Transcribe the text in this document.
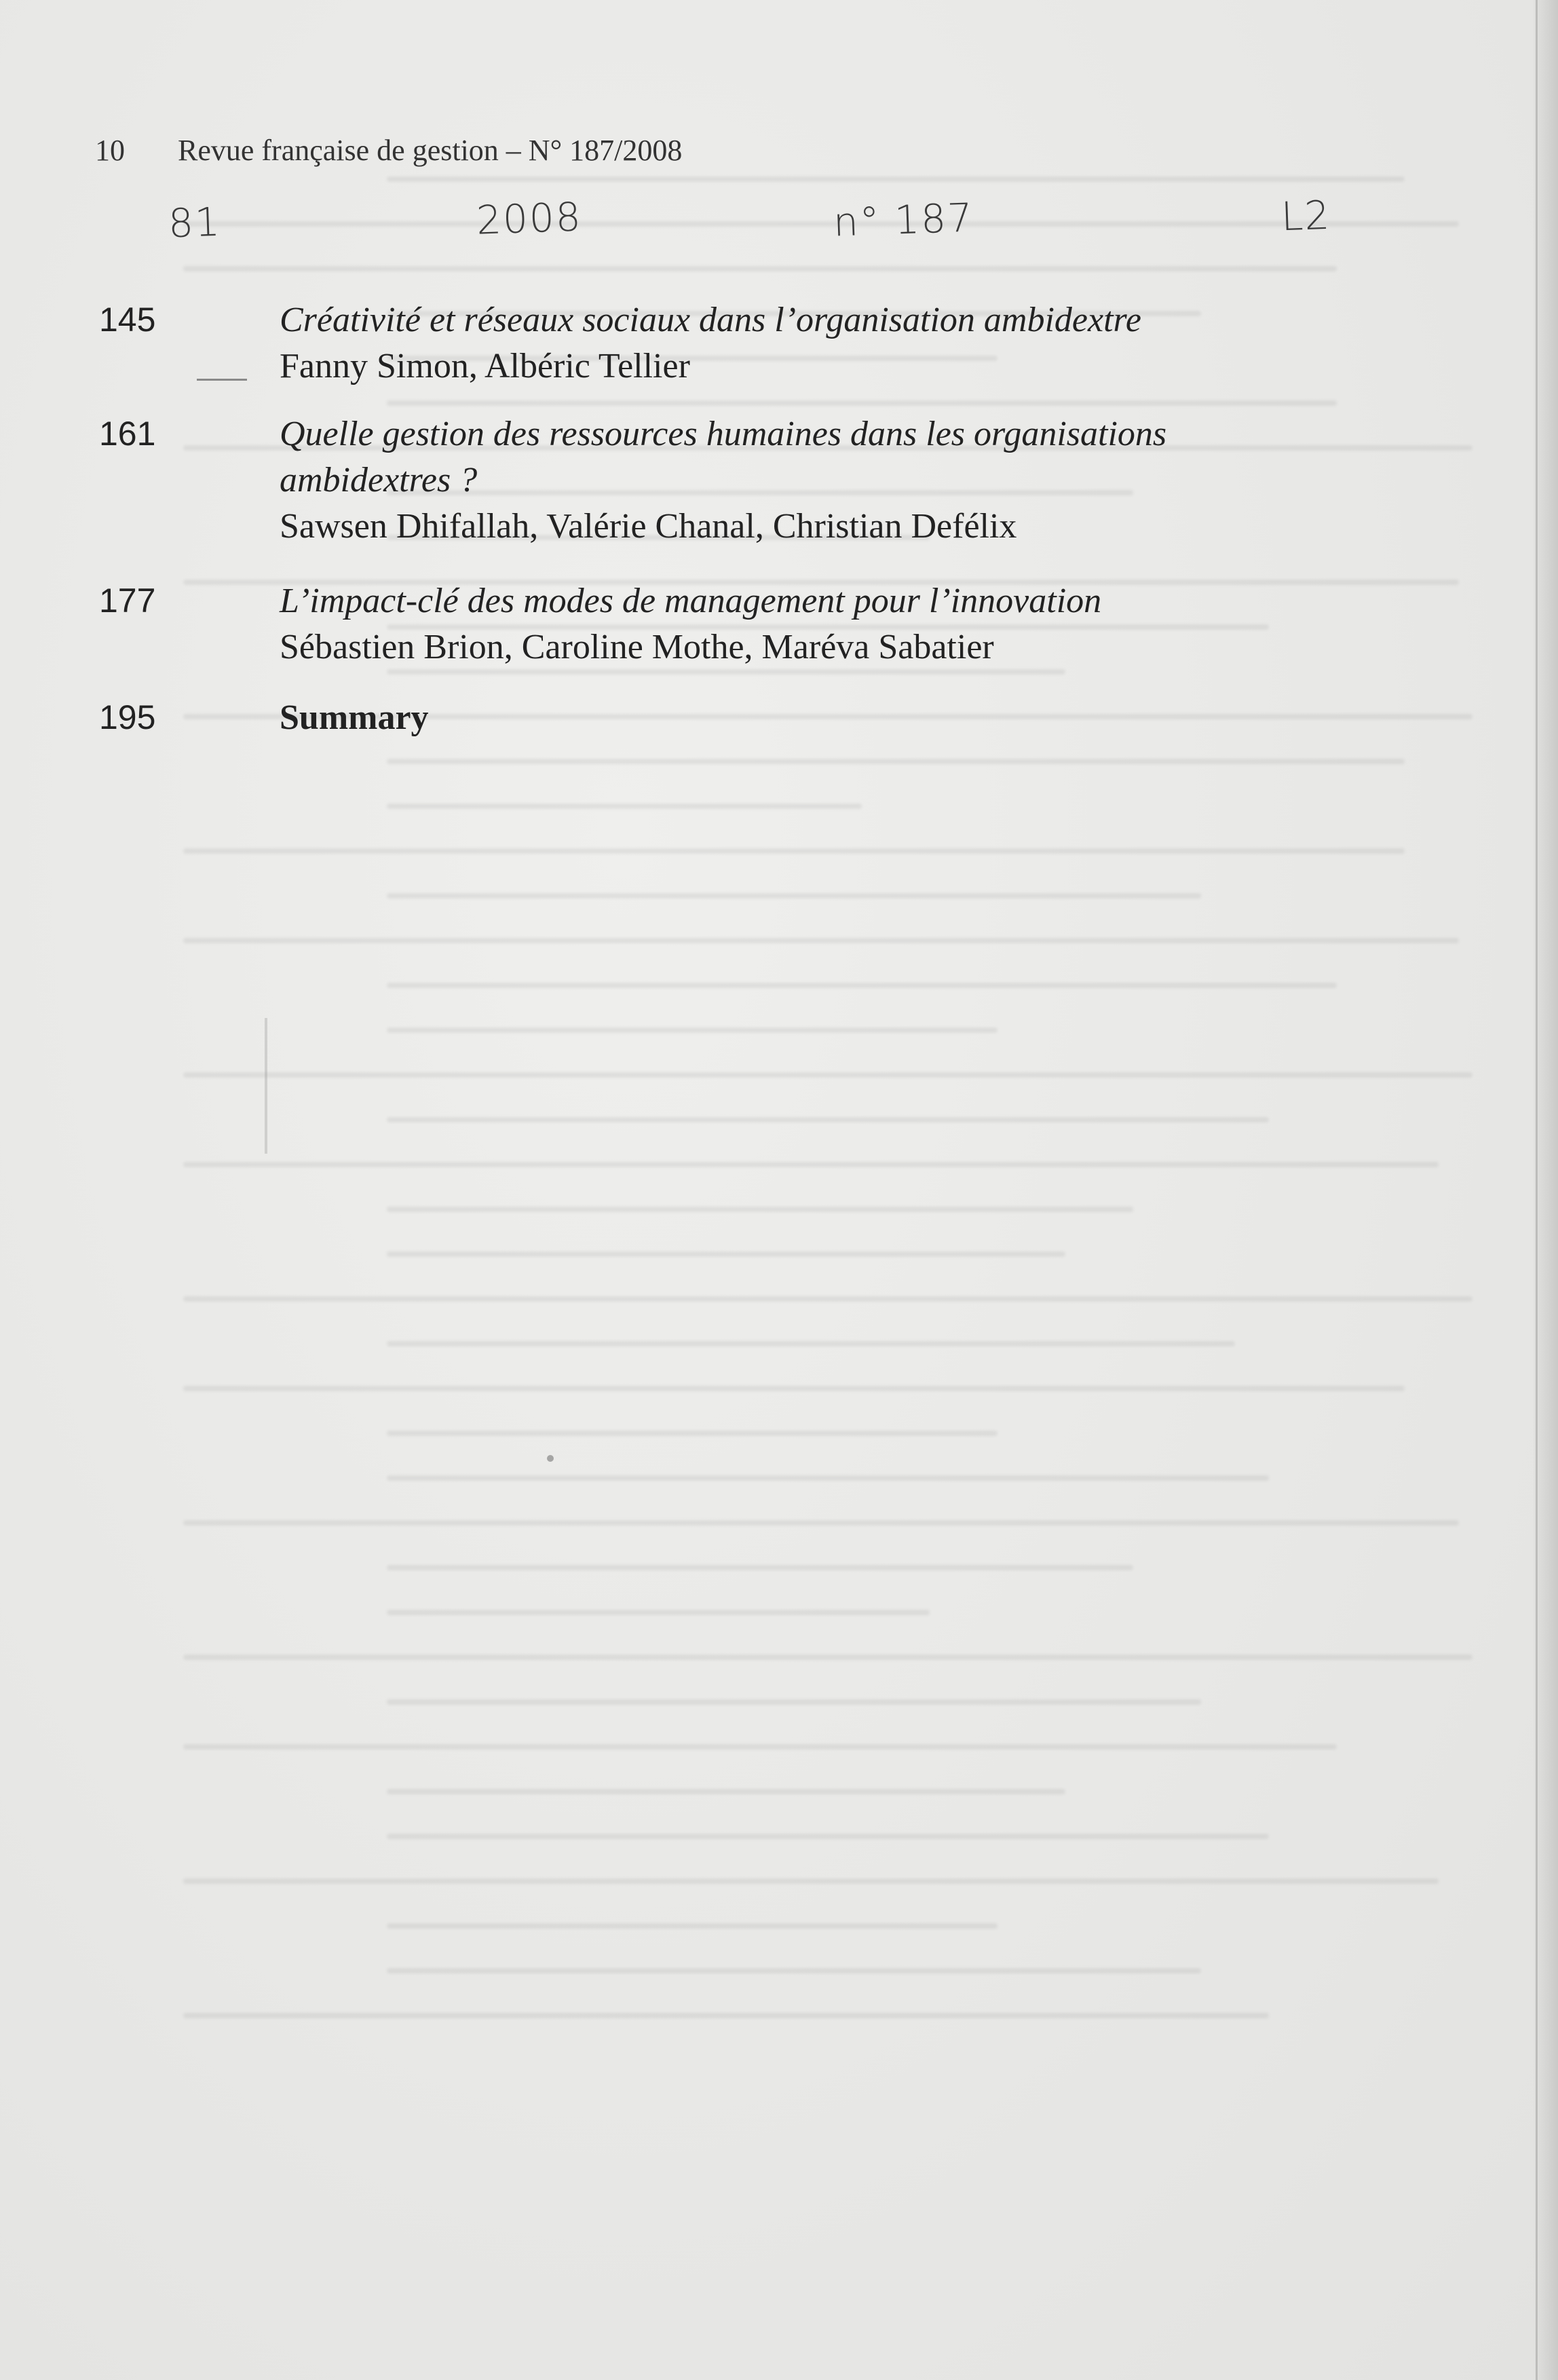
10 Revue française de gestion – N° 187/2008
81	2008	n° 187	L2
145	Créativité et réseaux sociaux dans l’organisation ambidextre
Fanny Simon, Albéric Tellier
161	Quelle gestion des ressources humaines dans les organisations ambidextres ?
Sawsen Dhifallah, Valérie Chanal, Christian Defélix
177	L’impact-clé des modes de management pour l’innovation
Sébastien Brion, Caroline Mothe, Maréva Sabatier
195	Summary
